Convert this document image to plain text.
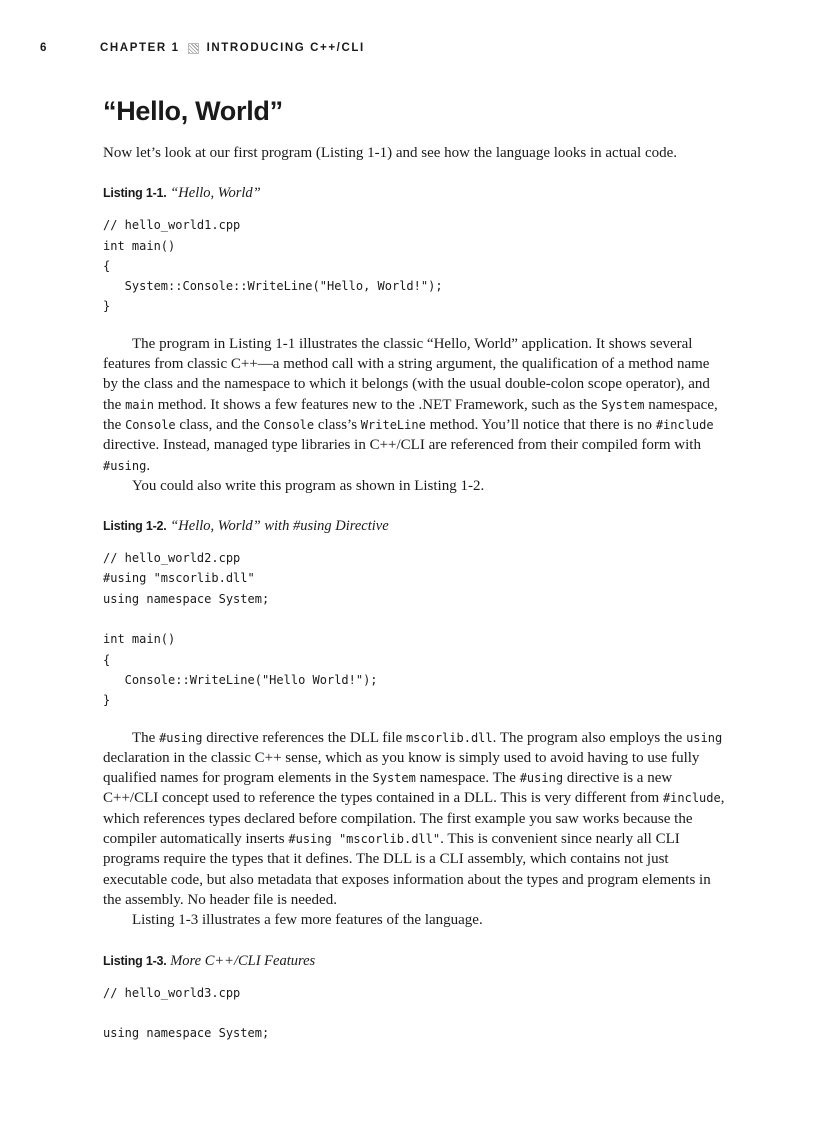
6	CHAPTER 1 INTRODUCING C++/CLI
“Hello, World”

Now let’s look at our first program (Listing 1-1) and see how the language looks in actual code.

Listing 1-1. “Hello, World”
// hello_world1.cpp
int main()
{
System::Console::WriteLine("Hello, World!");
}

The program in Listing 1-1 illustrates the classic “Hello, World” application. It shows several features from classic C++—a method call with a string argument, the qualification of a method name by the class and the namespace to which it belongs (with the usual double-colon scope operator), and the main method. It shows a few features new to the .NET Framework, such as the System namespace, the Console class, and the Console class’s WriteLine method. You’ll notice that there is no #include directive. Instead, managed type libraries in C++/CLI are referenced from their compiled form with #using.

You could also write this program as shown in Listing 1-2.

Listing 1-2. “Hello, World” with #using Directive
// hello_world2.cpp
#using "mscorlib.dll"
using namespace System;

int main()
{
Console::WriteLine("Hello World!");
}

The #using directive references the DLL file mscorlib.dll. The program also employs the using declaration in the classic C++ sense, which as you know is simply used to avoid having to use fully qualified names for program elements in the System namespace. The #using directive is a new C++/CLI concept used to reference the types contained in a DLL. This is very different from #include, which references types declared before compilation. The first example you saw works because the compiler automatically inserts #using "mscorlib.dll". This is convenient since nearly all CLI programs require the types that it defines. The DLL is a CLI assembly, which contains not just executable code, but also metadata that exposes information about the types and program elements in the assembly. No header file is needed.

Listing 1-3 illustrates a few more features of the language.

Listing 1-3. More C++/CLI Features
// hello_world3.cpp

using namespace System;
